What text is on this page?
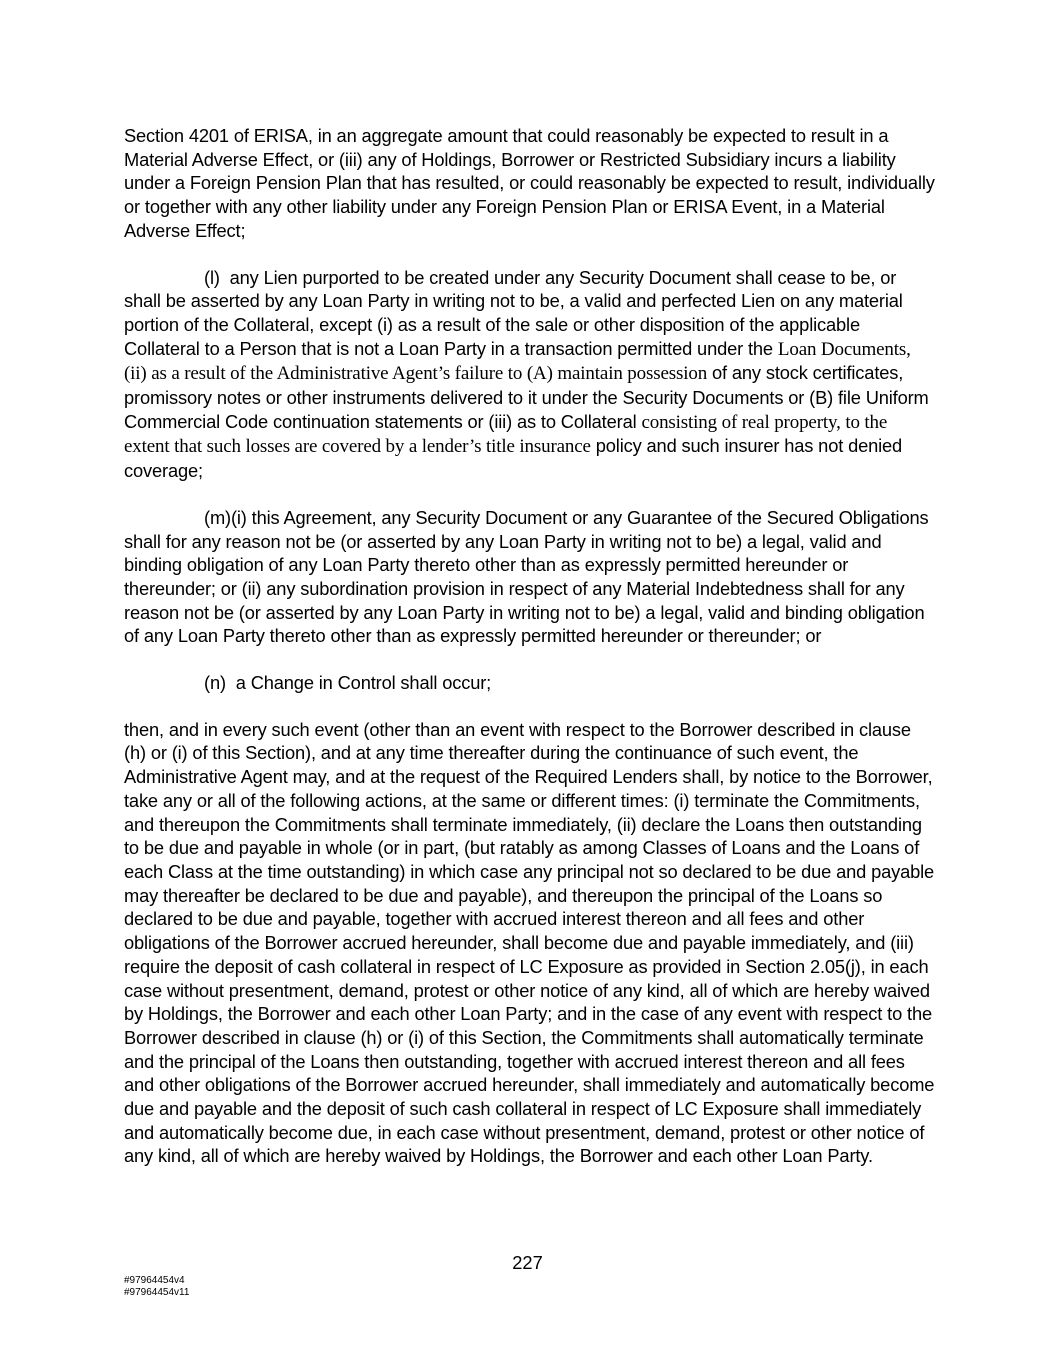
Section 4201 of ERISA, in an aggregate amount that could reasonably be expected to result in a Material Adverse Effect, or (iii) any of Holdings, Borrower or Restricted Subsidiary incurs a liability under a Foreign Pension Plan that has resulted, or could reasonably be expected to result, individually or together with any other liability under any Foreign Pension Plan or ERISA Event, in a Material Adverse Effect;

(l)  any Lien purported to be created under any Security Document shall cease to be, or shall be asserted by any Loan Party in writing not to be, a valid and perfected Lien on any material portion of the Collateral, except (i) as a result of the sale or other disposition of the applicable Collateral to a Person that is not a Loan Party in a transaction permitted under the Loan Documents, (ii) as a result of the Administrative Agent’s failure to (A) maintain possession of any stock certificates, promissory notes or other instruments delivered to it under the Security Documents or (B) file Uniform Commercial Code continuation statements or (iii) as to Collateral consisting of real property, to the extent that such losses are covered by a lender’s title insurance policy and such insurer has not denied coverage;

(m)(i) this Agreement, any Security Document or any Guarantee of the Secured Obligations shall for any reason not be (or asserted by any Loan Party in writing not to be) a legal, valid and binding obligation of any Loan Party thereto other than as expressly permitted hereunder or thereunder; or (ii) any subordination provision in respect of any Material Indebtedness shall for any reason not be (or asserted by any Loan Party in writing not to be) a legal, valid and binding obligation of any Loan Party thereto other than as expressly permitted hereunder or thereunder; or

(n)  a Change in Control shall occur;

then, and in every such event (other than an event with respect to the Borrower described in clause (h) or (i) of this Section), and at any time thereafter during the continuance of such event, the Administrative Agent may, and at the request of the Required Lenders shall, by notice to the Borrower, take any or all of the following actions, at the same or different times: (i) terminate the Commitments, and thereupon the Commitments shall terminate immediately, (ii) declare the Loans then outstanding to be due and payable in whole (or in part, (but ratably as among Classes of Loans and the Loans of each Class at the time outstanding) in which case any principal not so declared to be due and payable may thereafter be declared to be due and payable), and thereupon the principal of the Loans so declared to be due and payable, together with accrued interest thereon and all fees and other obligations of the Borrower accrued hereunder, shall become due and payable immediately, and (iii) require the deposit of cash collateral in respect of LC Exposure as provided in Section 2.05(j), in each case without presentment, demand, protest or other notice of any kind, all of which are hereby waived by Holdings, the Borrower and each other Loan Party; and in the case of any event with respect to the Borrower described in clause (h) or (i) of this Section, the Commitments shall automatically terminate and the principal of the Loans then outstanding, together with accrued interest thereon and all fees and other obligations of the Borrower accrued hereunder, shall immediately and automatically become due and payable and the deposit of such cash collateral in respect of LC Exposure shall immediately and automatically become due, in each case without presentment, demand, protest or other notice of any kind, all of which are hereby waived by Holdings, the Borrower and each other Loan Party.

227
#97964454v4
#97964454v11
